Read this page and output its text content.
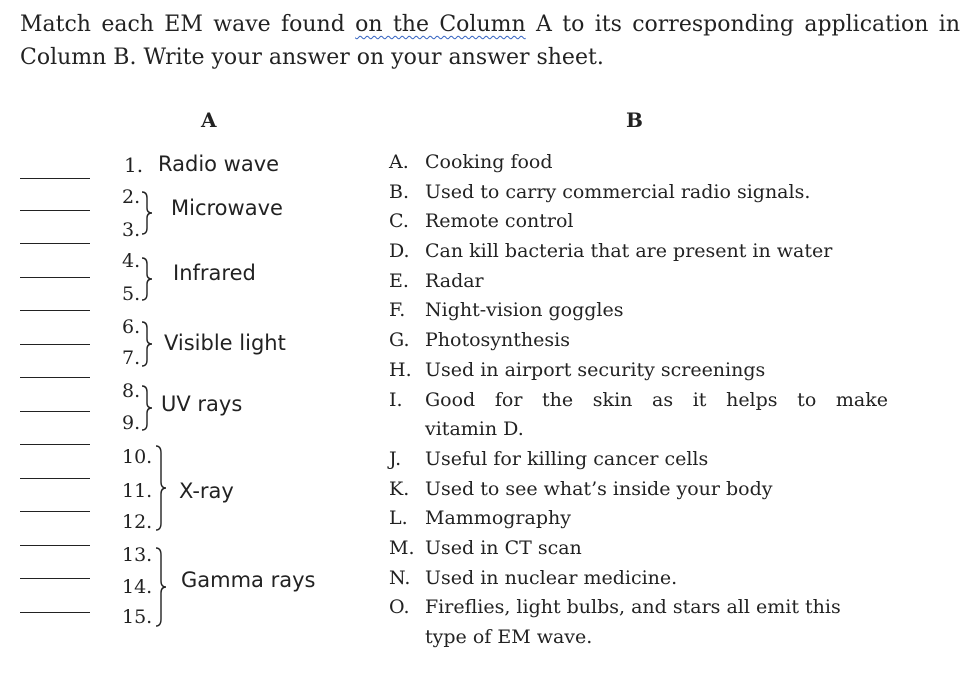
Match each EM wave found on the Column A to its corresponding application in Column B. Write your answer on your answer sheet.
A	B
1. Radio wave
2.
3.
4.
5.
6.
7.
8.
9.
10.
11.
12.
13.
14.
15.
Microwave
Infrared
Visible light
UV rays
X-ray
Gamma rays
A. Cooking food
B. Used to carry commercial radio signals.
C. Remote control
D. Can kill bacteria that are present in water
E. Radar
F. Night-vision goggles
G. Photosynthesis
H. Used in airport security screenings
I. Good for the skin as it helps to make
vitamin D.
J. Useful for killing cancer cells
K. Used to see what’s inside your body
L. Mammography
M. Used in CT scan
N. Used in nuclear medicine.
O. Fireflies, light bulbs, and stars all emit this
type of EM wave.
